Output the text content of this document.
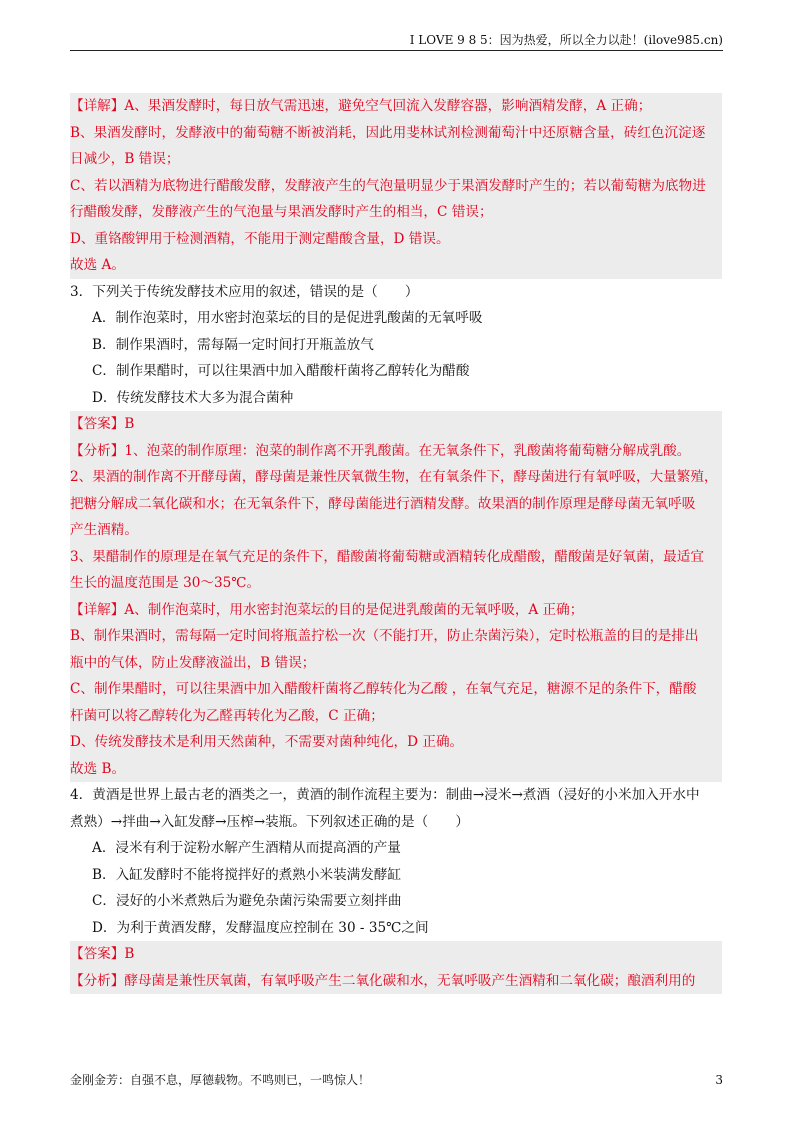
I LOVE 9 8 5：因为热爱，所以全力以赴！(ilove985.cn)
【详解】A、果酒发酵时，每日放气需迅速，避免空气回流入发酵容器，影响酒精发酵，A 正确；
B、果酒发酵时，发酵液中的葡萄糖不断被消耗，因此用斐林试剂检测葡萄汁中还原糖含量，砖红色沉淀逐
日减少，B 错误；
C、若以酒精为底物进行醋酸发酵，发酵液产生的气泡量明显少于果酒发酵时产生的；若以葡萄糖为底物进
行醋酸发酵，发酵液产生的气泡量与果酒发酵时产生的相当，C 错误；
D、重铬酸钾用于检测酒精，不能用于测定醋酸含量，D 错误。
故选 A。
3．下列关于传统发酵技术应用的叙述，错误的是（　　）
A．制作泡菜时，用水密封泡菜坛的目的是促进乳酸菌的无氧呼吸
B．制作果酒时，需每隔一定时间打开瓶盖放气
C．制作果醋时，可以往果酒中加入醋酸杆菌将乙醇转化为醋酸
D．传统发酵技术大多为混合菌种
【答案】B
【分析】1、泡菜的制作原理：泡菜的制作离不开乳酸菌。在无氧条件下，乳酸菌将葡萄糖分解成乳酸。
2、果酒的制作离不开酵母菌，酵母菌是兼性厌氧微生物，在有氧条件下，酵母菌进行有氧呼吸，大量繁殖，
把糖分解成二氧化碳和水；在无氧条件下，酵母菌能进行酒精发酵。故果酒的制作原理是酵母菌无氧呼吸
产生酒精。
3、果醋制作的原理是在氧气充足的条件下，醋酸菌将葡萄糖或酒精转化成醋酸，醋酸菌是好氧菌，最适宜
生长的温度范围是 30～35℃。
【详解】A、制作泡菜时，用水密封泡菜坛的目的是促进乳酸菌的无氧呼吸，A 正确；
B、制作果酒时，需每隔一定时间将瓶盖拧松一次（不能打开，防止杂菌污染），定时松瓶盖的目的是排出
瓶中的气体，防止发酵液溢出，B 错误；
C、制作果醋时，可以往果酒中加入醋酸杆菌将乙醇转化为乙酸 ，在氧气充足，糖源不足的条件下，醋酸
杆菌可以将乙醇转化为乙醛再转化为乙酸，C 正确；
D、传统发酵技术是利用天然菌种，不需要对菌种纯化，D 正确。
故选 B。
4．黄酒是世界上最古老的酒类之一，黄酒的制作流程主要为：制曲→浸米→煮酒（浸好的小米加入开水中
煮熟）→拌曲→入缸发酵→压榨→装瓶。下列叙述正确的是（　　）
A．浸米有利于淀粉水解产生酒精从而提高酒的产量
B．入缸发酵时不能将搅拌好的煮熟小米装满发酵缸
C．浸好的小米煮熟后为避免杂菌污染需要立刻拌曲
D．为利于黄酒发酵，发酵温度应控制在 30 - 35℃之间
【答案】B
【分析】酵母菌是兼性厌氧菌，有氧呼吸产生二氧化碳和水，无氧呼吸产生酒精和二氧化碳；酿酒利用的
金刚金芳：自强不息，厚德载物。不鸣则已，一鸣惊人！	3
